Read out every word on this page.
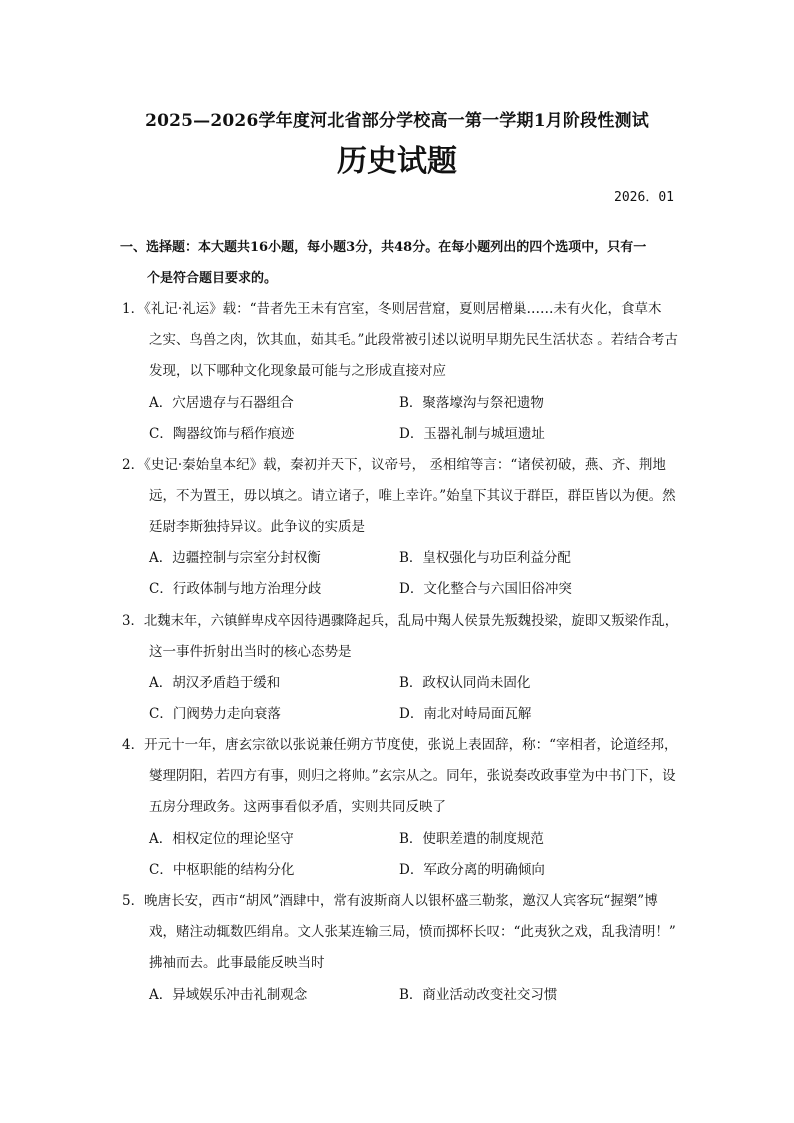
2025—2026学年度河北省部分学校高一第一学期1月阶段性测试
历史试题
2026．01
一、选择题：本大题共16小题，每小题3分，共48分。在每小题列出的四个选项中，只有一
个是符合题目要求的。
1．《礼记·礼运》载：“昔者先王未有宫室，冬则居营窟，夏则居橧巢……未有火化，食草木
之实、鸟兽之肉，饮其血，茹其毛。”此段常被引述以说明早期先民生活状态 。若结合考古
发现，以下哪种文化现象最可能与之形成直接对应
A．穴居遗存与石器组合	B．聚落壕沟与祭祀遗物
C．陶器纹饰与稻作痕迹	D．玉器礼制与城垣遗址
2．《史记·秦始皇本纪》载，秦初并天下，议帝号， 丞相绾等言：“诸侯初破，燕、齐、荆地
远，不为置王，毋以填之。请立诸子，唯上幸许。”始皇下其议于群臣，群臣皆以为便。然
廷尉李斯独持异议。此争议的实质是
A．边疆控制与宗室分封权衡	B．皇权强化与功臣利益分配
C．行政体制与地方治理分歧	D．文化整合与六国旧俗冲突
3．北魏末年，六镇鲜卑戍卒因待遇骤降起兵，乱局中羯人侯景先叛魏投梁，旋即又叛梁作乱，
这一事件折射出当时的核心态势是
A．胡汉矛盾趋于缓和	B．政权认同尚未固化
C．门阀势力走向衰落	D．南北对峙局面瓦解
4．开元十一年，唐玄宗欲以张说兼任朔方节度使，张说上表固辞，称：“宰相者，论道经邦，
燮理阴阳，若四方有事，则归之将帅。”玄宗从之。同年，张说奏改政事堂为中书门下，设
五房分理政务。这两事看似矛盾，实则共同反映了
A．相权定位的理论坚守	B．使职差遣的制度规范
C．中枢职能的结构分化	D．军政分离的明确倾向
5．晚唐长安，西市“胡风”酒肆中，常有波斯商人以银杯盛三勒浆，邀汉人宾客玩“握槊”博
戏，赌注动辄数匹绢帛。文人张某连输三局，愤而掷杯长叹：“此夷狄之戏，乱我清明！”
拂袖而去。此事最能反映当时
A．异域娱乐冲击礼制观念	B．商业活动改变社交习惯
